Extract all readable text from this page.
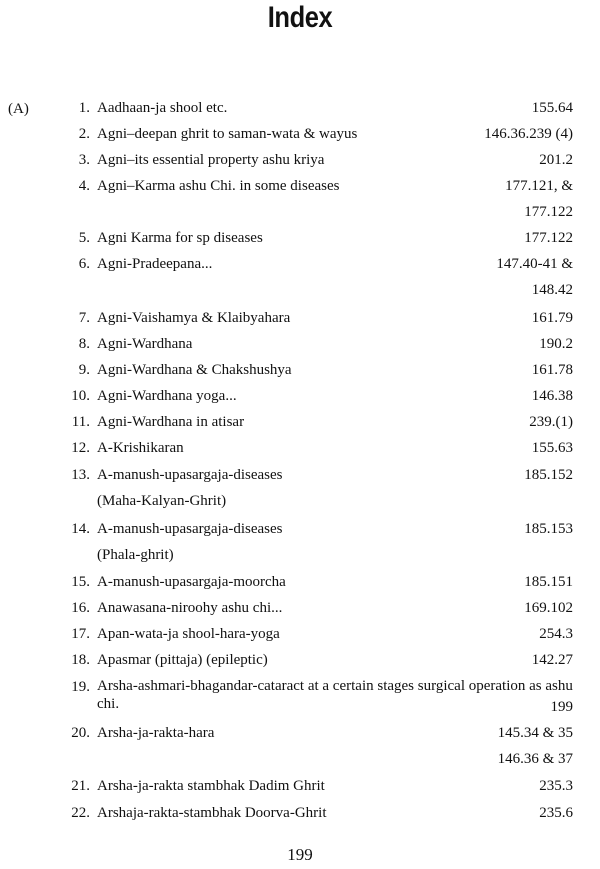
Index
(A)	1. Aadhaan-ja shool etc.	155.64
2. Agni–deepan ghrit to saman-wata & wayus	146.36.239 (4)
3. Agni–its essential property ashu kriya	201.2
4. Agni–Karma ashu Chi. in some diseases	177.121, &
177.122
5. Agni Karma for sp diseases	177.122
6. Agni-Pradeepana...	147.40-41 &
148.42
7. Agni-Vaishamya & Klaibyahara	161.79
8. Agni-Wardhana	190.2
9. Agni-Wardhana & Chakshushya	161.78
10. Agni-Wardhana yoga...	146.38
11. Agni-Wardhana in atisar	239.(1)
12. A-Krishikaran	155.63
13. A-manush-upasargaja-diseases	185.152
(Maha-Kalyan-Ghrit)
14. A-manush-upasargaja-diseases	185.153
(Phala-ghrit)
15. A-manush-upasargaja-moorcha	185.151
16. Anawasana-niroohy ashu chi...	169.102
17. Apan-wata-ja shool-hara-yoga	254.3
18. Apasmar (pittaja) (epileptic)	142.27
19. Arsha-ashmari-bhagandar-cataract at a certain stages surgical operation as ashu chi.	199
20. Arsha-ja-rakta-hara	145.34 & 35
146.36 & 37
21. Arsha-ja-rakta stambhak Dadim Ghrit	235.3
22. Arshaja-rakta-stambhak Doorva-Ghrit	235.6
199
